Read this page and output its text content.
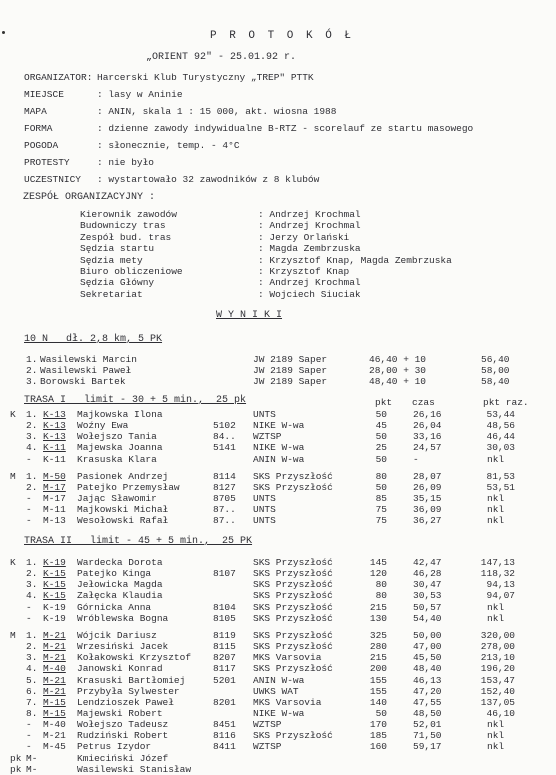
P R O T O K Ó Ł
„ORIENT 92" - 25.01.92 r.
ORGANIZATOR: Harcerski Klub Turystyczny „TREP" PTTK
MIEJSCE	: lasy w Aninie
MAPA	: ANIN, skala 1 : 15 000, akt. wiosna 1988
FORMA	: dzienne zawody indywidualne B-RTZ - scorelauf ze startu masowego
POGODA	: słonecznie, temp. - 4°C
PROTESTY	: nie było
UCZESTNICY : wystartowało 32 zawodników z 8 klubów
ZESPÓŁ ORGANIZACYJNY :
Kierownik zawodów	: Andrzej Krochmal
Budowniczy tras	: Andrzej Krochmal
Zespół bud. tras	: Jerzy Orlański
Sędzia startu	: Magda Zembrzuska
Sędzia mety	: Krzysztof Knap, Magda Zembrzuska
Biuro obliczeniowe	: Krzysztof Knap
Sędzia Główny	: Andrzej Krochmal
Sekretariat	: Wojciech Siuciak
W Y N I K I
10 N   dł. 2,8 km, 5 PK
1. Wasilewski Marcin	JW 2189 Saper	46,40 + 10	56,40
2. Wasilewski Paweł	JW 2189 Saper	28,00 + 30	58,00
3. Borowski Bartek	JW 2189 Saper	48,40 + 10	58,40
TRASA I   limit - 30 + 5 min.,  25 pk	pkt czas	pkt raz.
K 1. K-13 Majkowska Ilona	UNTS	50	26,16	53,44
2. K-13 Woźny Ewa	5102 NIKE W-wa	45	26,04	48,56
3. K-13 Wołejszo Tania	84.. WZTSP	50	33,16	46,44
4. K-11 Majewska Joanna	5141 NIKE W-wa	25	24,57	30,03
- K-11 Krasuska Klara	ANIN W-wa	50	-	nkl
M 1. M-50 Pasionek Andrzej	8114 SKS Przyszłość	80	28,07	81,53
2. M-17 Patejko Przemysław	8127 SKS Przyszłość	50	26,09	53,51
- M-17 Jając Sławomir	8705 UNTS	85	35,15	nkl
- M-11 Majkowski Michał	87.. UNTS	75	36,09	nkl
- M-13 Wesołowski Rafał	87.. UNTS	75	36,27	nkl
TRASA II   limit - 45 + 5 min.,  25 PK
K 1. K-19 Wardecka Dorota	SKS Przyszłość	145	42,47	147,13
2. K-15 Patejko Kinga	8107 SKS Przyszłość	120	46,28	118,32
3. K-15 Jełowicka Magda	SKS Przyszłość	80	30,47	94,13
4. K-15 Załęcka Klaudia	SKS Przyszłość	80	30,53	94,07
- K-19 Górnicka Anna	8104 SKS Przyszłość	215	50,57	nkl
- K-19 Wróblewska Bogna	8105 SKS Przyszłość	130	54,40	nkl
M 1. M-21 Wójcik Dariusz	8119 SKS Przyszłość	325	50,00	320,00
2. M-21 Wrzesiński Jacek	8115 SKS Przyszłość	280	47,00	278,00
3. M-21 Kołakowski Krzysztof 8207 MKS Varsovia	215	45,50	213,10
4. M-40 Janowski Konrad	8117 SKS Przyszłość	200	48,40	196,20
5. M-21 Krasuski Bartłomiej	5201 ANIN W-wa	155	46,13	153,47
6. M-21 Przybyła Sylwester	UWKS WAT	155	47,20	152,40
7. M-15 Lendzioszek Paweł	8201 MKS Varsovia	140	47,55	137,05
8. M-15 Majewski Robert	NIKE W-wa	50	48,50	46,10
- M-40 Wołejszo Tadeusz	8451 WZTSP	170	52,01	nkl
- M-21 Rudziński Robert	8116 SKS Przyszłość	185	71,50	nkl
- M-45 Petrus Izydor	8411 WZTSP	160	59,17	nkl
pk M-	Kmieciński Józef
pk M-	Wasilewski Stanisław
